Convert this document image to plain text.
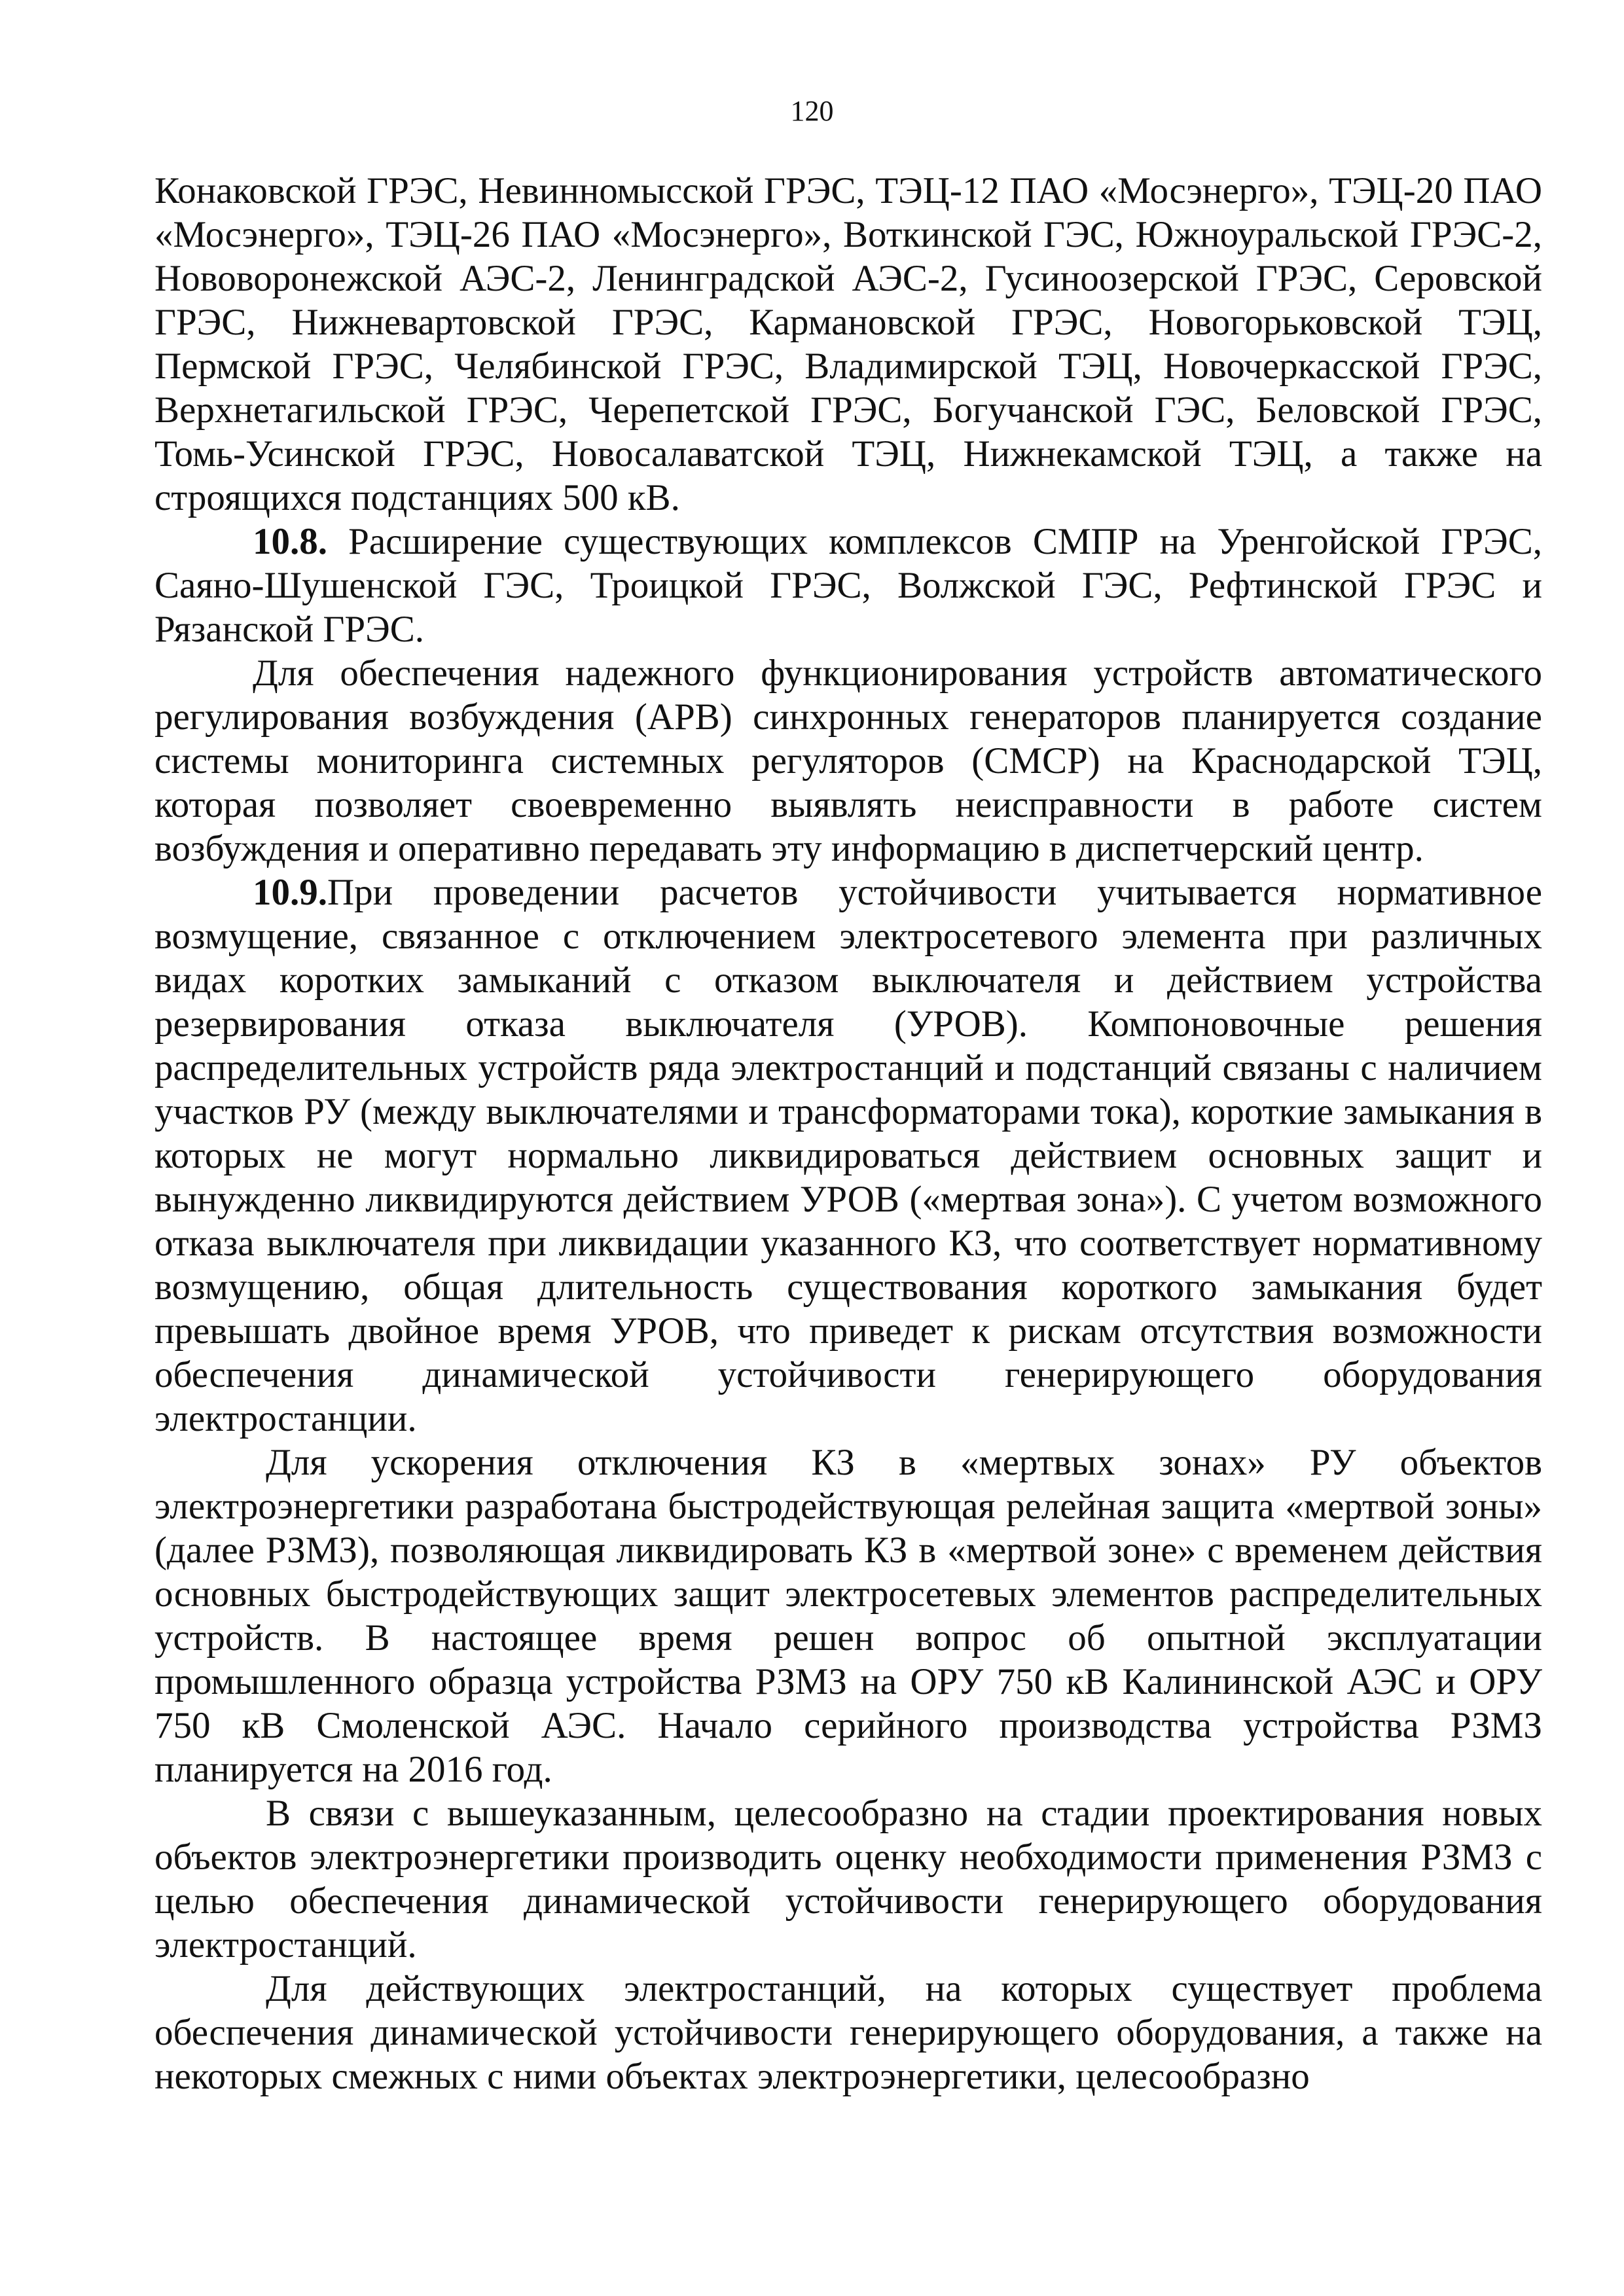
120

Конаковской ГРЭС, Невинномысской ГРЭС, ТЭЦ-12 ПАО «Мосэнерго», ТЭЦ-20 ПАО «Мосэнерго», ТЭЦ-26 ПАО «Мосэнерго», Воткинской ГЭС, Южноуральской ГРЭС-2, Нововоронежской АЭС-2, Ленинградской АЭС-2, Гусиноозерской ГРЭС, Серовской ГРЭС, Нижневартовской ГРЭС, Кармановской ГРЭС, Новогорьковской ТЭЦ, Пермской ГРЭС, Челябинской ГРЭС, Владимирской ТЭЦ, Новочеркасской ГРЭС, Верхнетагильской ГРЭС, Черепетской ГРЭС, Богучанской ГЭС, Беловской ГРЭС, Томь-Усинской ГРЭС, Новосалаватской ТЭЦ, Нижнекамской ТЭЦ, а также на строящихся подстанциях 500 кВ.

10.8. Расширение существующих комплексов СМПР на Уренгойской ГРЭС, Саяно-Шушенской ГЭС, Троицкой ГРЭС, Волжской ГЭС, Рефтинской ГРЭС и Рязанской ГРЭС.

Для обеспечения надежного функционирования устройств автоматического регулирования возбуждения (АРВ) синхронных генераторов планируется создание системы мониторинга системных регуляторов (СМСР) на Краснодарской ТЭЦ, которая позволяет своевременно выявлять неисправности в работе систем возбуждения и оперативно передавать эту информацию в диспетчерский центр.

10.9.При проведении расчетов устойчивости учитывается нормативное возмущение, связанное с отключением электросетевого элемента при различных видах коротких замыканий с отказом выключателя и действием устройства резервирования отказа выключателя (УРОВ). Компоновочные решения распределительных устройств ряда электростанций и подстанций связаны с наличием участков РУ (между выключателями и трансформаторами тока), короткие замыкания в которых не могут нормально ликвидироваться действием основных защит и вынужденно ликвидируются действием УРОВ («мертвая зона»). С учетом возможного отказа выключателя при ликвидации указанного КЗ, что соответствует нормативному возмущению, общая длительность существования короткого замыкания будет превышать двойное время УРОВ, что приведет к рискам отсутствия возможности обеспечения динамической устойчивости генерирующего оборудования электростанции.

Для ускорения отключения КЗ в «мертвых зонах» РУ объектов электроэнергетики разработана быстродействующая релейная защита «мертвой зоны» (далее РЗМЗ), позволяющая ликвидировать КЗ в «мертвой зоне» с временем действия основных быстродействующих защит электросетевых элементов распределительных устройств. В настоящее время решен вопрос об опытной эксплуатации промышленного образца устройства РЗМЗ на ОРУ 750 кВ Калининской АЭС и ОРУ 750 кВ Смоленской АЭС. Начало серийного производства устройства РЗМЗ планируется на 2016 год.

В связи с вышеуказанным, целесообразно на стадии проектирования новых объектов электроэнергетики производить оценку необходимости применения РЗМЗ с целью обеспечения динамической устойчивости генерирующего оборудования электростанций.

Для действующих электростанций, на которых существует проблема обеспечения динамической устойчивости генерирующего оборудования, а также на некоторых смежных с ними объектах электроэнергетики, целесообразно
